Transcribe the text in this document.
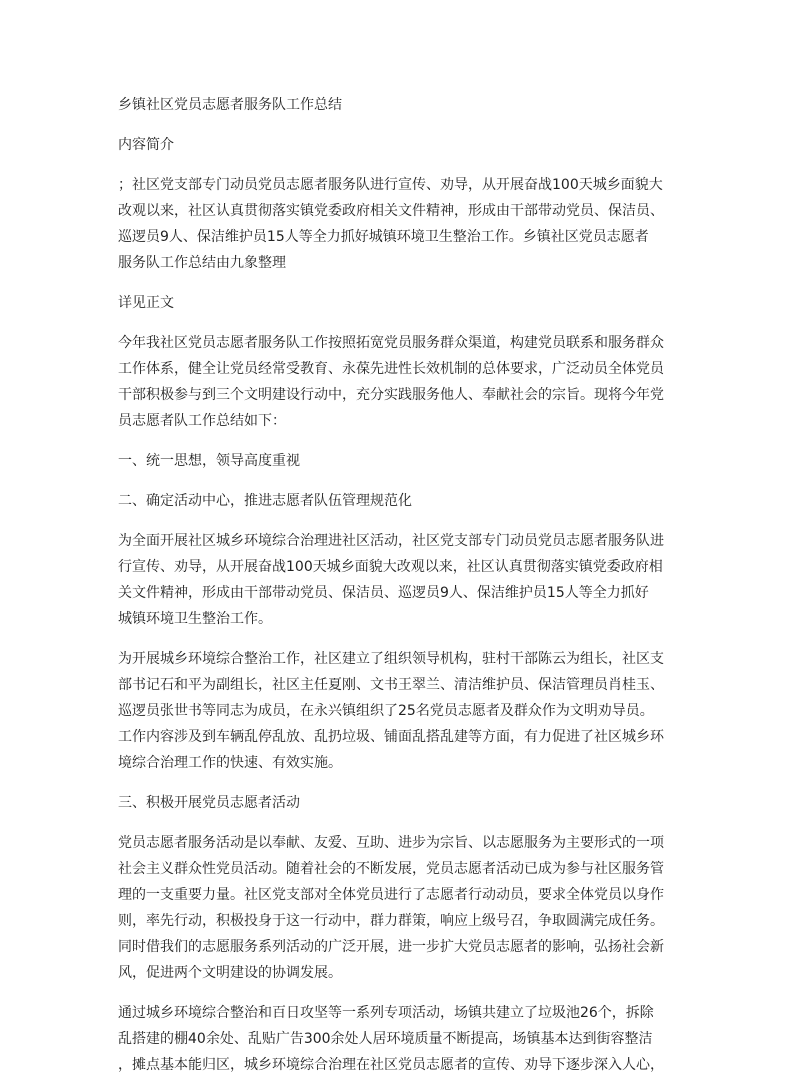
乡镇社区党员志愿者服务队工作总结

内容简介

；社区党支部专门动员党员志愿者服务队进行宣传、劝导，从开展奋战100天城乡面貌大

改观以来，社区认真贯彻落实镇党委政府相关文件精神，形成由干部带动党员、保洁员、

巡逻员9人、保洁维护员15人等全力抓好城镇环境卫生整治工作。乡镇社区党员志愿者

服务队工作总结由九象整理

详见正文

今年我社区党员志愿者服务队工作按照拓宽党员服务群众渠道，构建党员联系和服务群众

工作体系，健全让党员经常受教育、永葆先进性长效机制的总体要求，广泛动员全体党员

干部积极参与到三个文明建设行动中，充分实践服务他人、奉献社会的宗旨。现将今年党

员志愿者队工作总结如下：

一、统一思想，领导高度重视

二、确定活动中心，推进志愿者队伍管理规范化

为全面开展社区城乡环境综合治理进社区活动，社区党支部专门动员党员志愿者服务队进

行宣传、劝导，从开展奋战100天城乡面貌大改观以来，社区认真贯彻落实镇党委政府相

关文件精神，形成由干部带动党员、保洁员、巡逻员9人、保洁维护员15人等全力抓好

城镇环境卫生整治工作。

为开展城乡环境综合整治工作，社区建立了组织领导机构，驻村干部陈云为组长，社区支

部书记石和平为副组长，社区主任夏刚、文书王翠兰、清洁维护员、保洁管理员肖桂玉、

巡逻员张世书等同志为成员，在永兴镇组织了25名党员志愿者及群众作为文明劝导员。

工作内容涉及到车辆乱停乱放、乱扔垃圾、铺面乱搭乱建等方面，有力促进了社区城乡环

境综合治理工作的快速、有效实施。

三、积极开展党员志愿者活动

党员志愿者服务活动是以奉献、友爱、互助、进步为宗旨、以志愿服务为主要形式的一项

社会主义群众性党员活动。随着社会的不断发展，党员志愿者活动已成为参与社区服务管

理的一支重要力量。社区党支部对全体党员进行了志愿者行动动员，要求全体党员以身作

则，率先行动，积极投身于这一行动中，群力群策，响应上级号召，争取圆满完成任务。

同时借我们的志愿服务系列活动的广泛开展，进一步扩大党员志愿者的影响，弘扬社会新

风，促进两个文明建设的协调发展。

通过城乡环境综合整治和百日攻坚等一系列专项活动，场镇共建立了垃圾池26个，拆除

乱搭建的棚40余处、乱贴广告300余处人居环境质量不断提高，场镇基本达到街容整洁

，摊点基本能归区，城乡环境综合治理在社区党员志愿者的宣传、劝导下逐步深入人心，
